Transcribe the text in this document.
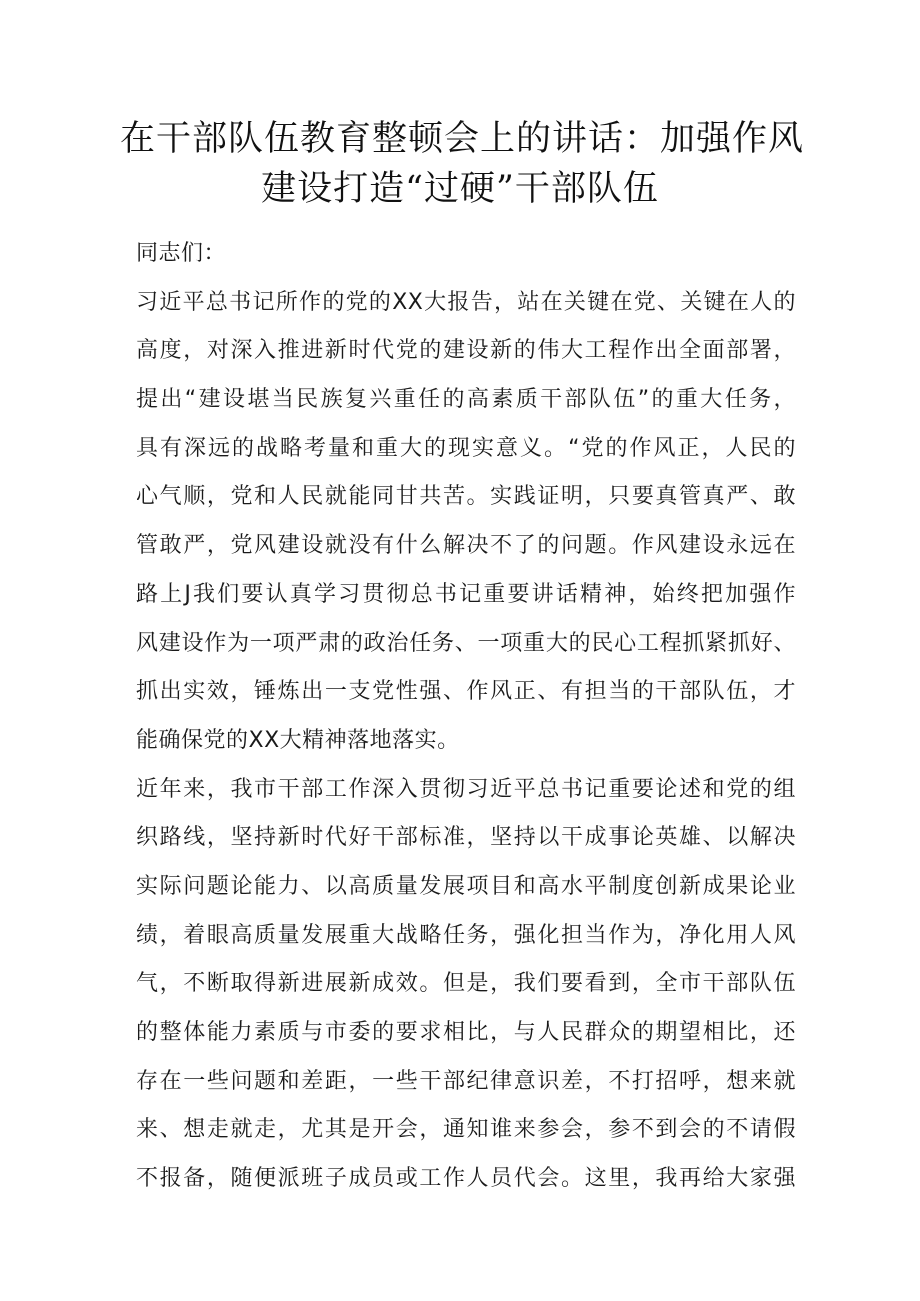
在干部队伍教育整顿会上的讲话：加强作风
建设打造“过硬”干部队伍
同志们：
习近平总书记所作的党的XX大报告，站在关键在党、关键在人的
高度，对深入推进新时代党的建设新的伟大工程作出全面部署，
提出“建设堪当民族复兴重任的高素质干部队伍”的重大任务，
具有深远的战略考量和重大的现实意义。“党的作风正，人民的
心气顺，党和人民就能同甘共苦。实践证明，只要真管真严、敢
管敢严，党风建设就没有什么解决不了的问题。作风建设永远在
路上J我们要认真学习贯彻总书记重要讲话精神，始终把加强作
风建设作为一项严肃的政治任务、一项重大的民心工程抓紧抓好、
抓出实效，锤炼出一支党性强、作风正、有担当的干部队伍，才
能确保党的XX大精神落地落实。
近年来，我市干部工作深入贯彻习近平总书记重要论述和党的组
织路线，坚持新时代好干部标准，坚持以干成事论英雄、以解决
实际问题论能力、以高质量发展项目和高水平制度创新成果论业
绩，着眼高质量发展重大战略任务，强化担当作为，净化用人风
气，不断取得新进展新成效。但是，我们要看到，全市干部队伍
的整体能力素质与市委的要求相比，与人民群众的期望相比，还
存在一些问题和差距，一些干部纪律意识差，不打招呼，想来就
来、想走就走，尤其是开会，通知谁来参会，参不到会的不请假
不报备，随便派班子成员或工作人员代会。这里，我再给大家强
